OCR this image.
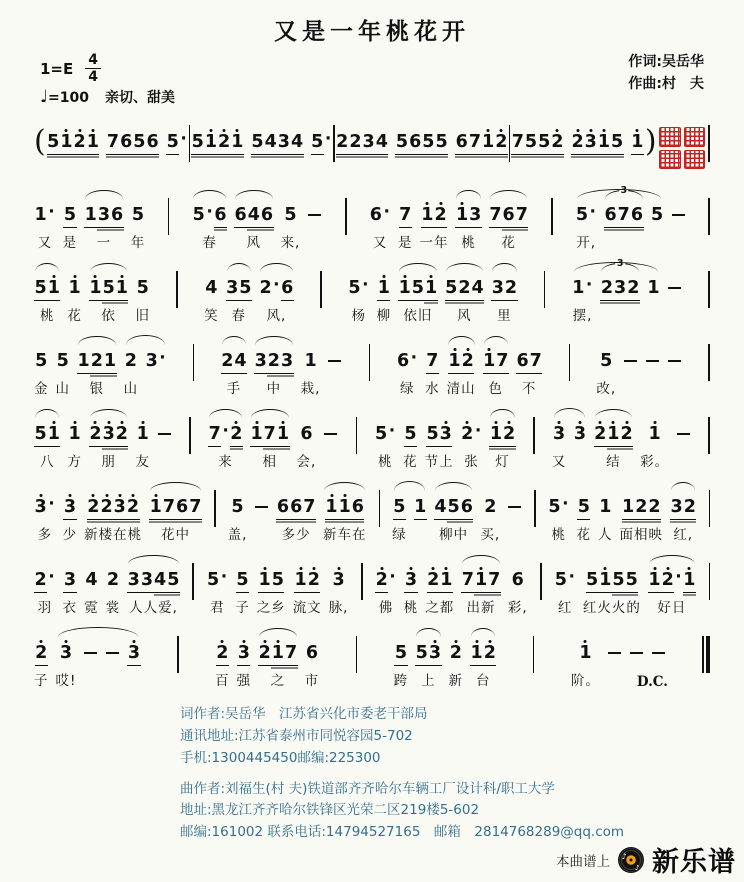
又是一年桃花开
1=E 4
4
♩ =100 亲切、甜美
作词:吴岳华
作曲:村　夫
( 5 1 2 1 7 6 5 6 5 · 5 1 2 1 5 4 3 4 5 · 2 2 3 4 5 6 5 5 6 7 1 2 7 5 5 2 2 3 1 5 1 )
1 ·
又
5
是
1 3 6
一
5
年
5 · 6
春
6 4 6
风
5
来,
6 ·
又
7
是
1 2
一年
1 3
桃
7 6 7
花
5 ·
开,
3
6 7 6 5
5 1
桃
1
花
1 5 1
依
5
旧
4
笑
3 5
春
2 · 6
风,
5 ·
杨
1
柳
1 5 1
依旧
5 2 4
风
3 2
里
1 ·
摆,
3
2 3 2 1
5
金
5
山
1 2 1
银
2
山
3 ·	2 4
手
3 2 3
中
1
栽,
6 ·
绿
7
水
1 2
清山
1 7
色
6 7
不
5
改,
5 1
八
1
方
2 3 2
朋
1
友
7 · 2
来
1 7 1
相
6
会,
5 ·
桃
5
花
5 3
节上
2 ·
张
1 2
灯
3
又
3 2 1 2
结
1
彩。
3 ·
多
3
少
2 2 3 2
新楼在桃
1 7 6 7
花中
5
盖,
6 6 7
多少
1 1 6
新车在
5
绿
1 4 5 6
柳中
2
买,
5 ·
桃
5
花
1
人
1 2 2
面相映
3 2
红,
2 ·
羽
3
衣
4
霓
2
裳
3 3 4 5
人人爱,
5 ·
君
5
子
1 5
之乡
1 2
流文
3
脉,
2 ·
佛
3
桃
2 1
之都
7 1 7
出新
6
彩,
5 ·
红
5 1 5 5
红火火的
1 2 · 1
好日
2
子
3
哎!
3	2
百
3
强
2 1 7
之
6
市
5
跨
5 3
上
2
新
1 2
台
1
阶。	D.C.
词作者:吴岳华　江苏省兴化市委老干部局
通讯地址:江苏省泰州市同悦容园5-702
手机:1300445450邮编:225300
曲作者:刘福生(村 夫)铁道部齐齐哈尔车辆工厂设计科/职工大学
地址:黑龙江齐齐哈尔铁锋区光荣二区219楼5-602
邮编:161002 联系电话:14794527165　邮箱　2814768289@qq.com
本曲谱上 ♪
♪ 新乐谱
